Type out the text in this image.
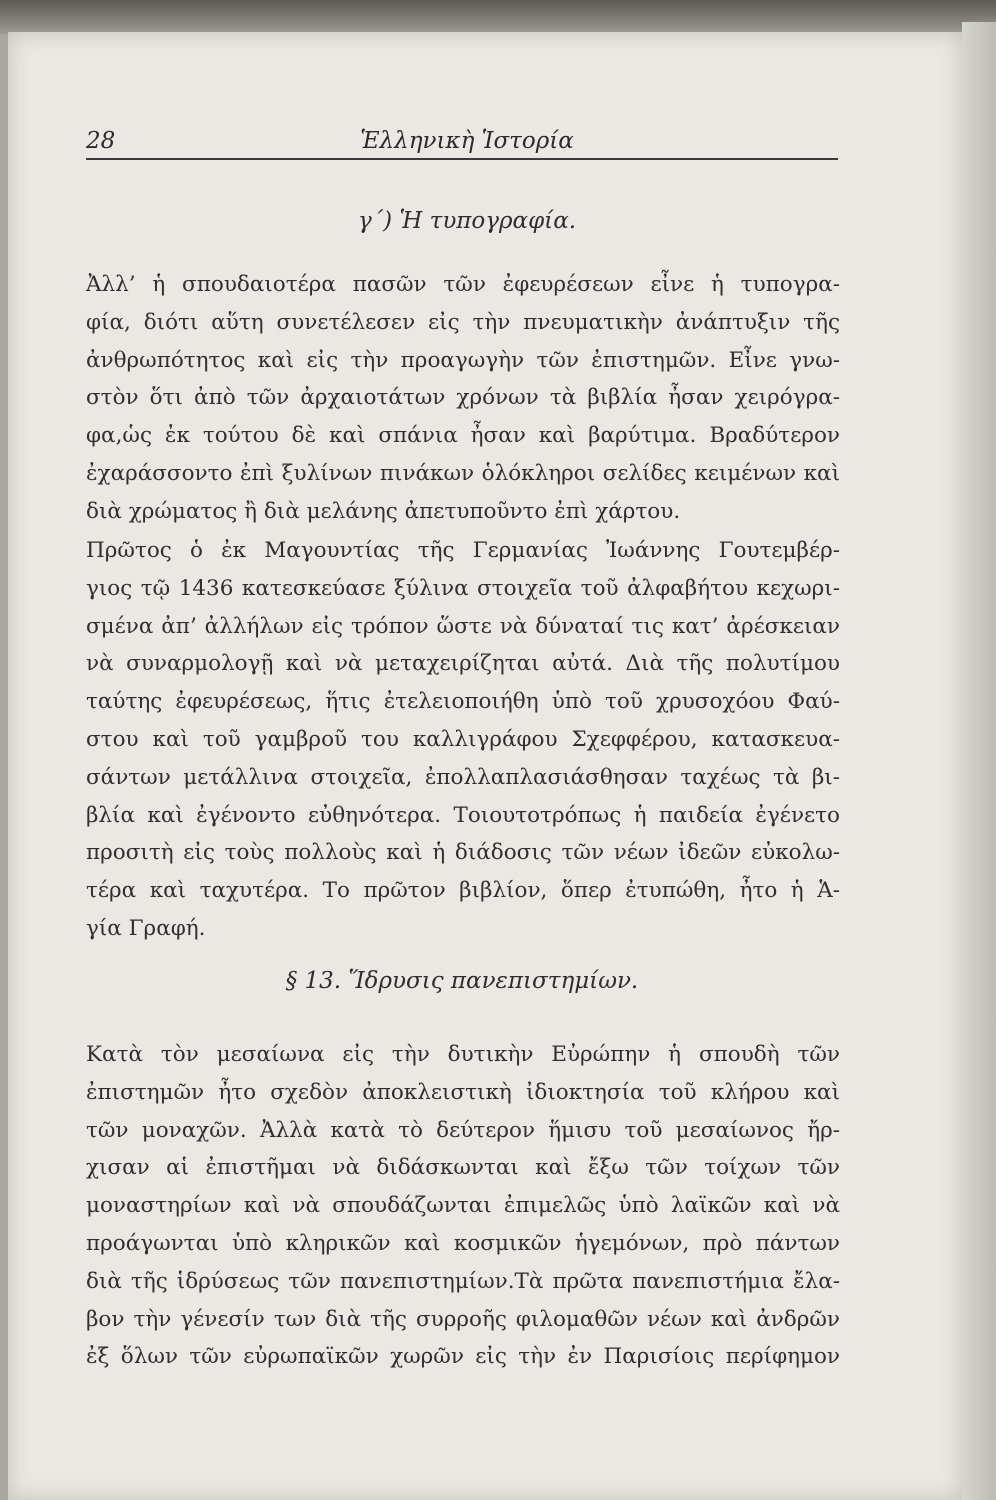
28	Ἑλληνικὴ Ἱστορία
γ΄) Ἡ τυπογραφία.
Ἀλλ’ ἡ σπουδαιοτέρα πασῶν τῶν ἐφευρέσεων εἶνε ἡ τυπογρα-
φία, διότι αὕτη συνετέλεσεν εἰς τὴν πνευματικὴν ἀνάπτυξιν τῆς
ἀνθρωπότητος καὶ εἰς τὴν προαγωγὴν τῶν ἐπιστημῶν. Εἶνε γνω-
στὸν ὅτι ἀπὸ τῶν ἀρχαιοτάτων χρόνων τὰ βιβλία ἦσαν χειρόγρα-
φα,ὡς ἐκ τούτου δὲ καὶ σπάνια ἦσαν καὶ βαρύτιμα. Βραδύτερον
ἐχαράσσοντο ἐπὶ ξυλίνων πινάκων ὁλόκληροι σελίδες κειμένων καὶ
διὰ χρώματος ἢ διὰ μελάνης ἀπετυποῦντο ἐπὶ χάρτου.
Πρῶτος ὁ ἐκ Μαγουντίας τῆς Γερμανίας Ἰωάννης Γουτεμβέρ-
γιος τῷ 1436 κατεσκεύασε ξύλινα στοιχεῖα τοῦ ἀλφαβήτου κεχωρι-
σμένα ἀπ’ ἀλλήλων εἰς τρόπον ὥστε νὰ δύναταί τις κατ’ ἀρέσκειαν
νὰ συναρμολογῇ καὶ νὰ μεταχειρίζηται αὐτά. Διὰ τῆς πολυτίμου
ταύτης ἐφευρέσεως, ἥτις ἐτελειοποιήθη ὑπὸ τοῦ χρυσοχόου Φαύ-
στου καὶ τοῦ γαμβροῦ του καλλιγράφου Σχεφφέρου, κατασκευα-
σάντων μετάλλινα στοιχεῖα, ἐπολλαπλασιάσθησαν ταχέως τὰ βι-
βλία καὶ ἐγένοντο εὐθηνότερα. Τοιουτοτρόπως ἡ παιδεία ἐγένετο
προσιτὴ εἰς τοὺς πολλοὺς καὶ ἡ διάδοσις τῶν νέων ἰδεῶν εὐκολω-
τέρα καὶ ταχυτέρα. Το πρῶτον βιβλίον, ὅπερ ἐτυπώθη, ἦτο ἡ Ἁ-
γία Γραφή.
§ 13. Ἵδρυσις πανεπιστημίων.
Κατὰ τὸν μεσαίωνα εἰς τὴν δυτικὴν Εὐρώπην ἡ σπουδὴ τῶν
ἐπιστημῶν ἦτο σχεδὸν ἀποκλειστικὴ ἰδιοκτησία τοῦ κλήρου καὶ
τῶν μοναχῶν. Ἀλλὰ κατὰ τὸ δεύτερον ἥμισυ τοῦ μεσαίωνος ἤρ-
χισαν αἱ ἐπιστῆμαι νὰ διδάσκωνται καὶ ἔξω τῶν τοίχων τῶν
μοναστηρίων καὶ νὰ σπουδάζωνται ἐπιμελῶς ὑπὸ λαϊκῶν καὶ νὰ
προάγωνται ὑπὸ κληρικῶν καὶ κοσμικῶν ἡγεμόνων, πρὸ πάντων
διὰ τῆς ἱδρύσεως τῶν πανεπιστημίων.Τὰ πρῶτα πανεπιστήμια ἔλα-
βον τὴν γένεσίν των διὰ τῆς συρροῆς φιλομαθῶν νέων καὶ ἀνδρῶν
ἐξ ὅλων τῶν εὐρωπαϊκῶν χωρῶν εἰς τὴν ἐν Παρισίοις περίφημον
